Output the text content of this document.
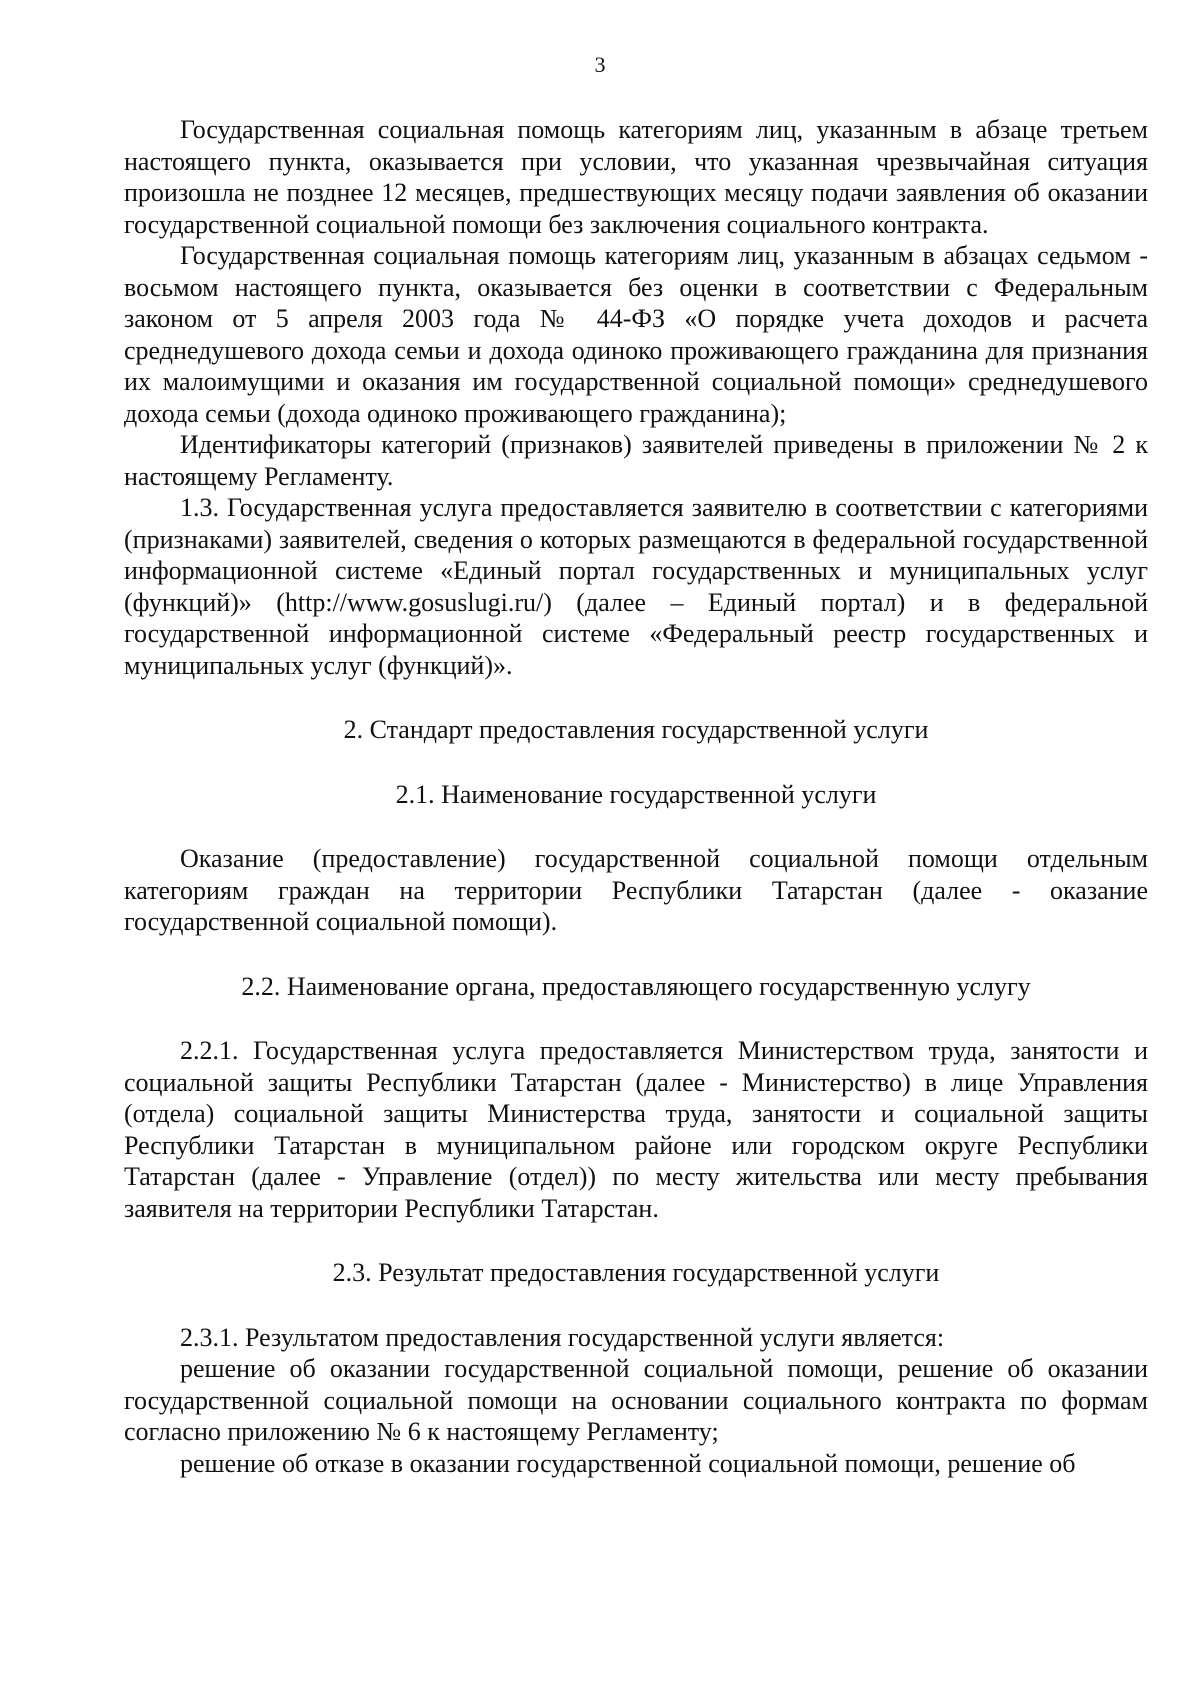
3

Государственная социальная помощь категориям лиц, указанным в абзаце третьем настоящего пункта, оказывается при условии, что указанная чрезвычайная ситуация произошла не позднее 12 месяцев, предшествующих месяцу подачи заявления об оказании государственной социальной помощи без заключения социального контракта.

Государственная социальная помощь категориям лиц, указанным в абзацах седьмом - восьмом настоящего пункта, оказывается без оценки в соответствии с Федеральным законом от 5 апреля 2003 года № 44-ФЗ «О порядке учета доходов и расчета среднедушевого дохода семьи и дохода одиноко проживающего гражданина для признания их малоимущими и оказания им государственной социальной помощи» среднедушевого дохода семьи (дохода одиноко проживающего гражданина);

Идентификаторы категорий (признаков) заявителей приведены в приложении № 2 к настоящему Регламенту.

1.3. Государственная услуга предоставляется заявителю в соответствии с категориями (признаками) заявителей, сведения о которых размещаются в федеральной государственной информационной системе «Единый портал государственных и муниципальных услуг (функций)» (http://www.gosuslugi.ru/) (далее – Единый портал) и в федеральной государственной информационной системе «Федеральный реестр государственных и муниципальных услуг (функций)».

2. Стандарт предоставления государственной услуги
2.1. Наименование государственной услуги

Оказание (предоставление) государственной социальной помощи отдельным категориям граждан на территории Республики Татарстан (далее - оказание государственной социальной помощи).

2.2. Наименование органа, предоставляющего государственную услугу

2.2.1. Государственная услуга предоставляется Министерством труда, занятости и социальной защиты Республики Татарстан (далее - Министерство) в лице Управления (отдела) социальной защиты Министерства труда, занятости и социальной защиты Республики Татарстан в муниципальном районе или городском округе Республики Татарстан (далее - Управление (отдел)) по месту жительства или месту пребывания заявителя на территории Республики Татарстан.

2.3. Результат предоставления государственной услуги

2.3.1. Результатом предоставления государственной услуги является:

решение об оказании государственной социальной помощи, решение об оказании государственной социальной помощи на основании социального контракта по формам согласно приложению № 6 к настоящему Регламенту;

решение об отказе в оказании государственной социальной помощи, решение об
